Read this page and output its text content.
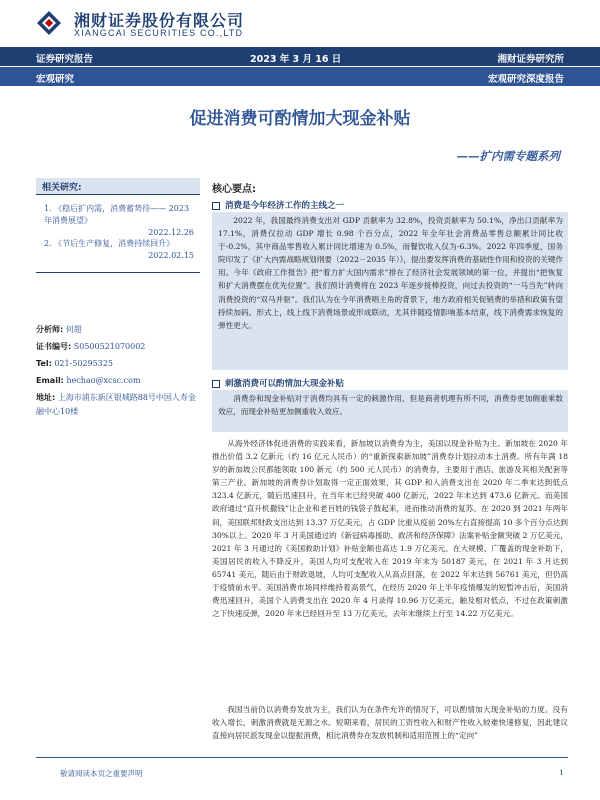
湘财证券股份有限公司
XIANGCAI SECURITIES CO.,LTD
证券研究报告	2023 年 3 月 16 日	湘财证券研究所
宏观研究	宏观研究深度报告
促进消费可酌情加大现金补贴
——扩内需专题系列
相关研究:
1. 《稳后扩内需，消费蓄势待—— 2023 年消费展望》
2022.12.26
2. 《节后生产修复，消费持续回升》
2022.02.15
分析师: 何超
证书编号: S0500521070002
Tel: 021-50295325
Email: hechao@xcsc.com
地址: 上海市浦东新区银城路88号中国人寿金融中心10楼
核心要点:
消费是今年经济工作的主线之一

2022 年，我国最终消费支出对 GDP 贡献率为 32.8%，投资贡献率为 50.1%，净出口贡献率为 17.1%，消费仅拉动 GDP 增长 0.98 个百分点，2022 年全年社会消费品零售总额累计同比收于-0.2%，其中商品零售收入累计同比增速为 0.5%，而餐饮收入仅为-6.3%。2022 年四季度，国务院印发了《扩大内需战略规划纲要（2022－2035 年）》，提出要发挥消费的基础性作用和投资的关键作用。今年《政府工作报告》把“着力扩大国内需求”排在了经济社会发展领域的第一位，并提出“把恢复和扩大消费摆在优先位置”。我们预计消费将在 2023 年逐步接棒投资，向过去投资的“一马当先”转向消费投资的“双马并驱”。我们认为在今年消费唱主角的背景下，地方政府相关促销费的举措和政策有望持续加码。形式上，线上线下消费场景或形成联动，尤其伴随疫情影响基本结束，线下消费需求恢复的弹性更大。

刺激消费可以酌情加大现金补贴

消费券和现金补贴对于消费均具有一定的刺激作用，但是商者机理有所不同，消费券更加侧重乘数效应，而现金补贴更加侧重收入效应。

从海外经济体促进消费的实践来看，新加坡以消费券为主，美国以现金补贴为主。新加坡在 2020 年推出价值 3.2 亿新元（约 16 亿元人民币）的“重新探索新加坡”消费券计划拉动本土消费。所有年满 18 岁的新加坡公民都能领取 100 新元（约 500 元人民币）的消费券，主要用于酒店、旅游及其相关配套等第三产业。新加坡的消费券计划取得一定正面效果，其 GDP 和人消费支出在 2020 年二季末达到低点 323.4 亿新元，随后迅速回升，在当年末已经突破 400 亿新元，2022 年末达到 473.6 亿新元。而美国政府通过“直升机撒钱”让企业和老百姓的钱袋子鼓起来，进而推动消费的复苏。在 2020 到 2021 年两年间，美国联邦财政支出达到 13.37 万亿美元，占 GDP 比重从疫前 20%左右直接提高 10 多个百分点达到 30%以上。2020 年 3 月美国通过的《新冠病毒援助、救济和经济保障》法案补贴金额突破 2 万亿美元，2021 年 3 月通过的《美国救助计划》补贴金额也高达 1.9 万亿美元。在大规模、广覆盖的现金补助下，美国居民的收入不降反升，美国人均可支配收入在 2019 年末为 50187 美元，在 2021 年 3 月达到 65741 美元，随后由于财政退坡，人均可支配收入从高点回落，在 2022 年末达到 56761 美元，但仍高于疫情前水平。美国消费市场同样维持着高景气，在经历 2020 年上半年疫情爆发的短暂冲击后，美国消费迅速回升，美国个人消费支出在 2020 年 4 月录得 10.96 万亿美元，触及相对低点，不过在政策刺激之下快速反弹，2020 年末已经回升至 13 万亿美元，去年末继续上行至 14.22 万亿美元。

我国当前仍以消费券发放为主，我们认为在条件允许的情况下，可以酌情加大现金补贴的力度。没有收入增长，刺激消费就是无源之水。短期来看，居民的工资性收入和财产性收入较难快速修复，因此建议直接向居民派发现金以提振消费，相比消费券在发放机制和适用范围上的“定向”

敬请阅读本页之重要声明	1
